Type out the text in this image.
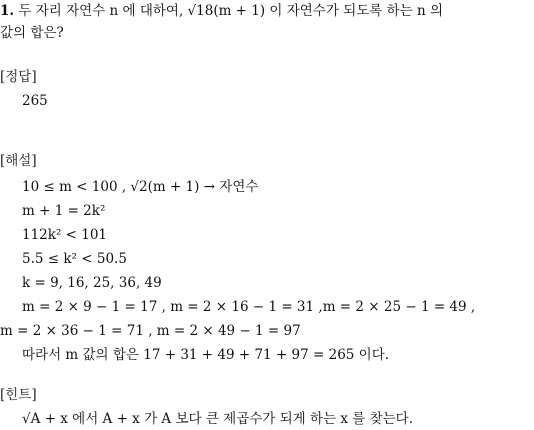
1. 두 자리 자연수 n 에 대하여, √18(m + 1) 이 자연수가 되도록 하는 n 의
값의 합은?
[정답]
265
[해설]
10 ≤ m < 100 , √2(m + 1) → 자연수
m + 1 = 2k²
112k² < 101
5.5 ≤ k² < 50.5
k = 9, 16, 25, 36, 49
m = 2 × 9 − 1 = 17 , m = 2 × 16 − 1 = 31 ,m = 2 × 25 − 1 = 49 ,
m = 2 × 36 − 1 = 71 , m = 2 × 49 − 1 = 97
따라서 m 값의 합은 17 + 31 + 49 + 71 + 97 = 265 이다.
[힌트]
√A + x 에서 A + x 가 A 보다 큰 제곱수가 되게 하는 x 를 찾는다.
